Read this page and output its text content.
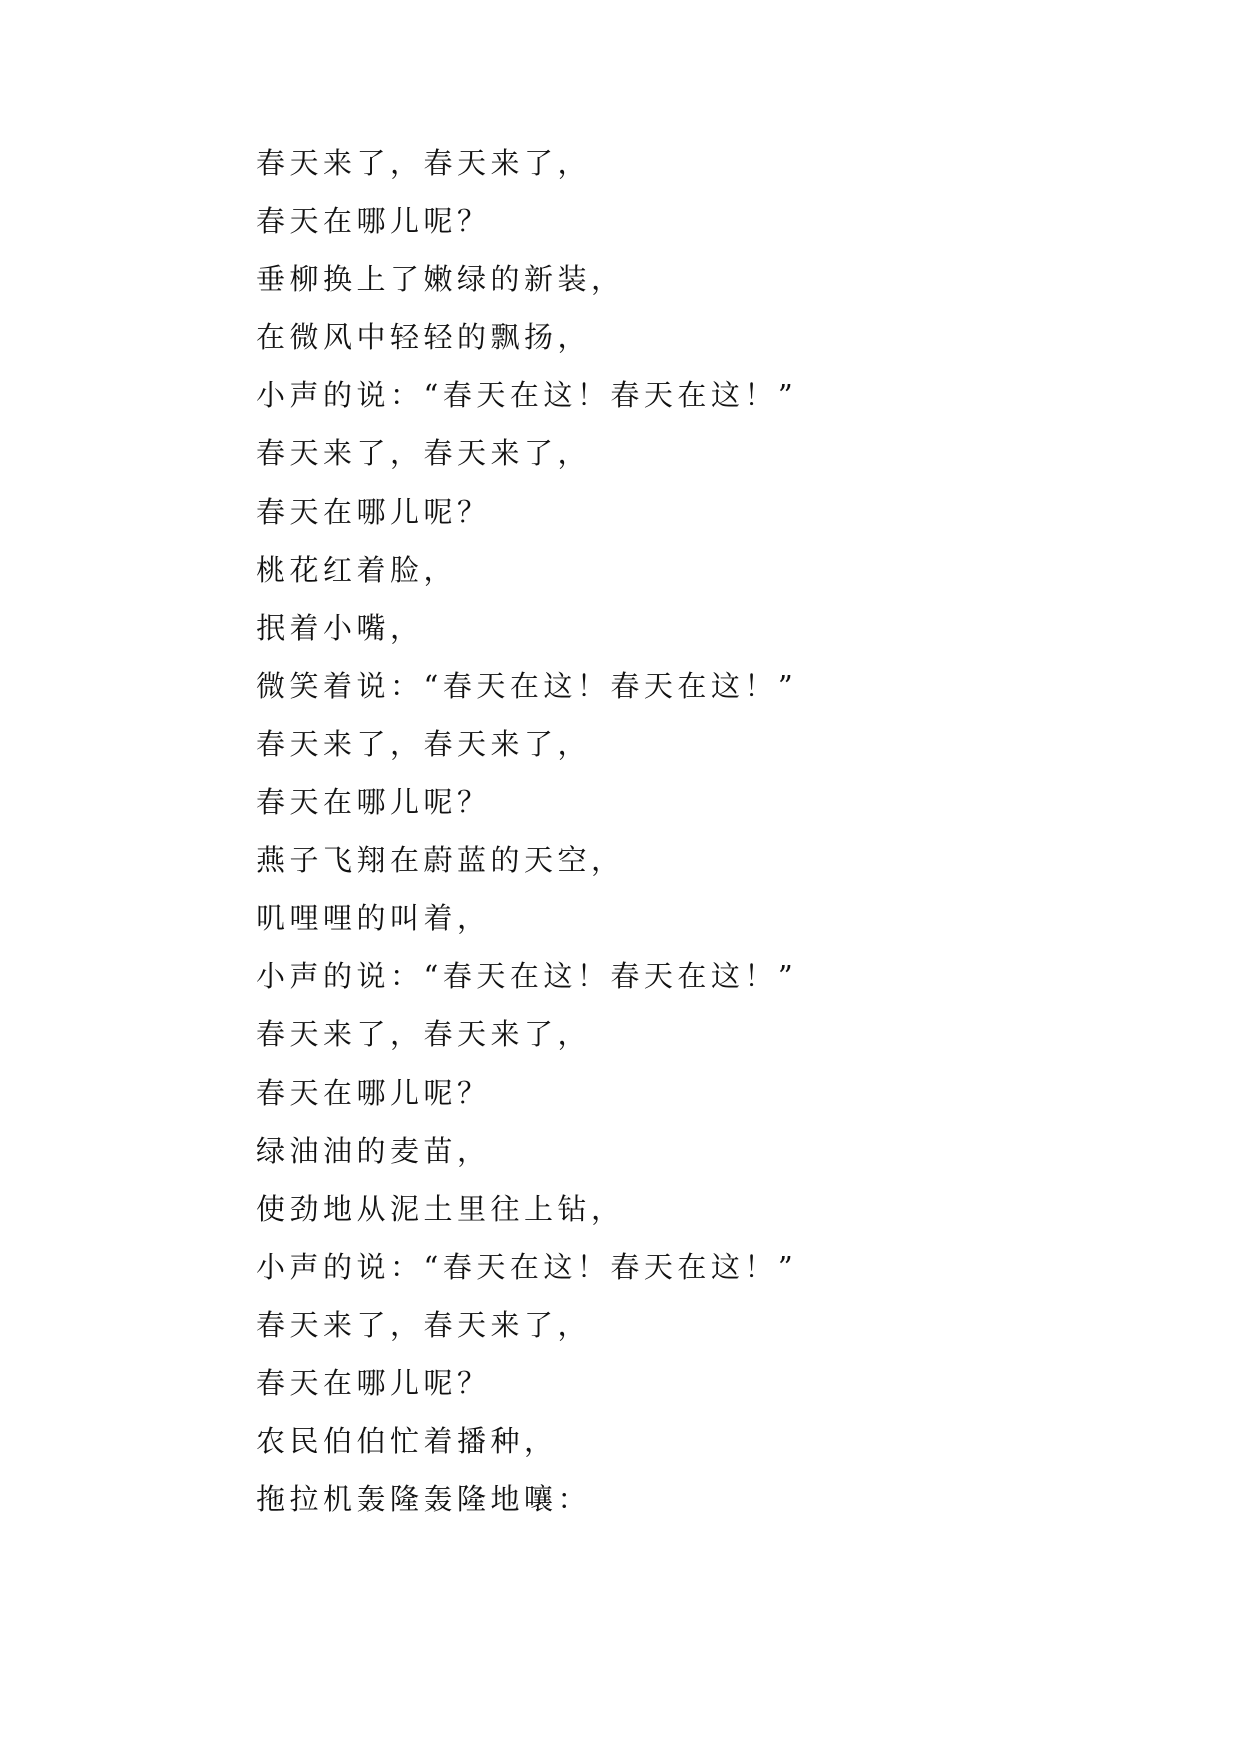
春天来了，春天来了，
春天在哪儿呢？
垂柳换上了嫩绿的新装，
在微风中轻轻的飘扬，
小声的说：“春天在这！春天在这！”
春天来了，春天来了，
春天在哪儿呢？
桃花红着脸，
抿着小嘴，
微笑着说：“春天在这！春天在这！”
春天来了，春天来了，
春天在哪儿呢？
燕子飞翔在蔚蓝的天空，
叽哩哩的叫着，
小声的说：“春天在这！春天在这！”
春天来了，春天来了，
春天在哪儿呢？
绿油油的麦苗，
使劲地从泥土里往上钻，
小声的说：“春天在这！春天在这！”
春天来了，春天来了，
春天在哪儿呢？
农民伯伯忙着播种，
拖拉机轰隆轰隆地嚷：
